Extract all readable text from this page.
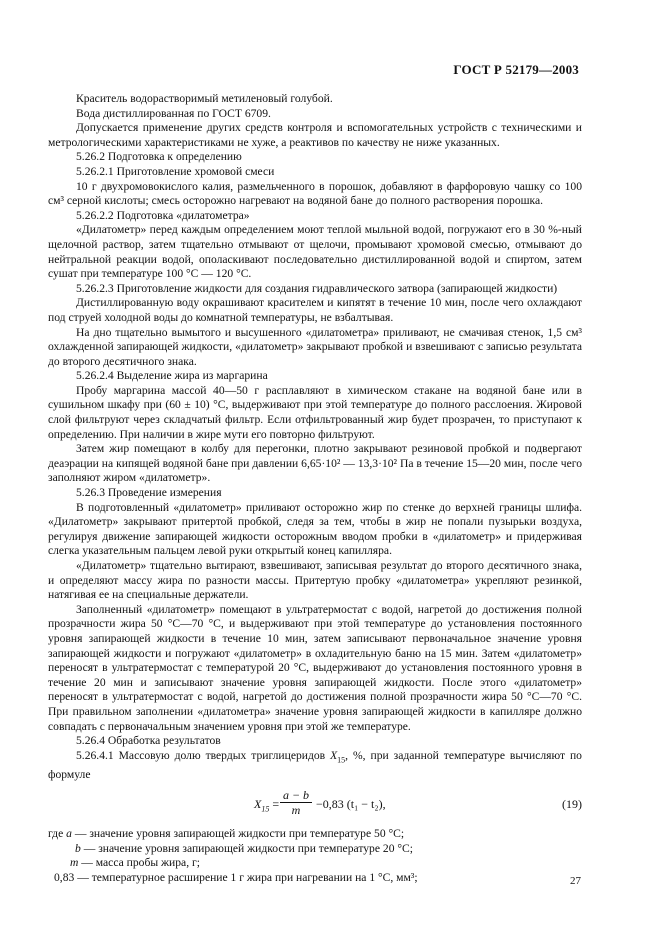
ГОСТ Р 52179—2003

Краситель водорастворимый метиленовый голубой.

Вода дистиллированная по ГОСТ 6709.

Допускается применение других средств контроля и вспомогательных устройств с техническими и метрологическими характеристиками не хуже, а реактивов по качеству не ниже указанных.

5.26.2 Подготовка к определению

5.26.2.1 Приготовление хромовой смеси

10 г двухромовокислого калия, размельченного в порошок, добавляют в фарфоровую чашку со 100 см³ серной кислоты; смесь осторожно нагревают на водяной бане до полного растворения порошка.

5.26.2.2 Подготовка «дилатометра»

«Дилатометр» перед каждым определением моют теплой мыльной водой, погружают его в 30 %-ный щелочной раствор, затем тщательно отмывают от щелочи, промывают хромовой смесью, отмывают до нейтральной реакции водой, ополаскивают последовательно дистиллированной водой и спиртом, затем сушат при температуре 100 °С — 120 °С.

5.26.2.3 Приготовление жидкости для создания гидравлического затвора (запирающей жидкости)

Дистиллированную воду окрашивают красителем и кипятят в течение 10 мин, после чего охлаждают под струей холодной воды до комнатной температуры, не взбалтывая.

На дно тщательно вымытого и высушенного «дилатометра» приливают, не смачивая стенок, 1,5 см³ охлажденной запирающей жидкости, «дилатометр» закрывают пробкой и взвешивают с записью результата до второго десятичного знака.

5.26.2.4 Выделение жира из маргарина

Пробу маргарина массой 40—50 г расплавляют в химическом стакане на водяной бане или в сушильном шкафу при (60 ± 10) °С, выдерживают при этой температуре до полного расслоения. Жировой слой фильтруют через складчатый фильтр. Если отфильтрованный жир будет прозрачен, то приступают к определению. При наличии в жире мути его повторно фильтруют.

Затем жир помещают в колбу для перегонки, плотно закрывают резиновой пробкой и подвергают деаэрации на кипящей водяной бане при давлении 6,65·10² — 13,3·10² Па в течение 15—20 мин, после чего заполняют жиром «дилатометр».

5.26.3 Проведение измерения

В подготовленный «дилатометр» приливают осторожно жир по стенке до верхней границы шлифа. «Дилатометр» закрывают притертой пробкой, следя за тем, чтобы в жир не попали пузырьки воздуха, регулируя движение запирающей жидкости осторожным вводом пробки в «дилатометр» и придерживая слегка указательным пальцем левой руки открытый конец капилляра.

«Дилатометр» тщательно вытирают, взвешивают, записывая результат до второго десятичного знака, и определяют массу жира по разности массы. Притертую пробку «дилатометра» укрепляют резинкой, натягивая ее на специальные держатели.

Заполненный «дилатометр» помещают в ультратермостат с водой, нагретой до достижения полной прозрачности жира 50 °С—70 °С, и выдерживают при этой температуре до установления постоянного уровня запирающей жидкости в течение 10 мин, затем записывают первоначальное значение уровня запирающей жидкости и погружают «дилатометр» в охладительную баню на 15 мин. Затем «дилатометр» переносят в ультратермостат с температурой 20 °С, выдерживают до установления постоянного уровня в течение 20 мин и записывают значение уровня запирающей жидкости. После этого «дилатометр» переносят в ультратермостат с водой, нагретой до достижения полной прозрачности жира 50 °С—70 °С. При правильном заполнении «дилатометра» значение уровня запирающей жидкости в капилляре должно совпадать с первоначальным значением уровня при этой же температуре.

5.26.4 Обработка результатов

5.26.4.1 Массовую долю твердых триглицеридов $X_{15}$, %, при заданной температуре вычисляют по формуле

$X_{15} = \frac{a - b}{m} -0,83$ (t₁ − t₂),	(19)

где a — значение уровня запирающей жидкости при температуре 50 °С;

b — значение уровня запирающей жидкости при температуре 20 °С;

m — масса пробы жира, г;

0,83 — температурное расширение 1 г жира при нагревании на 1 °С, мм³;	27
